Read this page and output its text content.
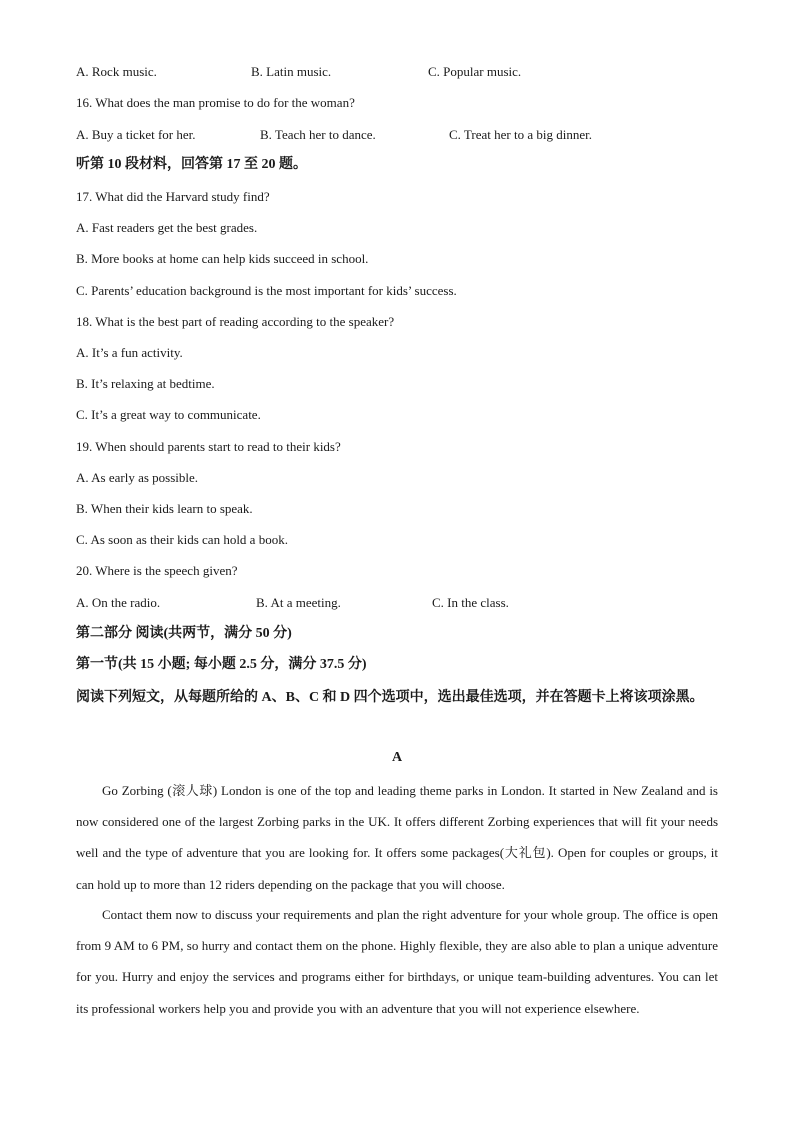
A. Rock music.	B. Latin music.	C. Popular music.
16. What does the man promise to do for the woman?
A. Buy a ticket for her.	B. Teach her to dance.	C. Treat her to a big dinner.
听第 10 段材料，回答第 17 至 20 题。
17. What did the Harvard study find?
A. Fast readers get the best grades.
B. More books at home can help kids succeed in school.
C. Parents’ education background is the most important for kids’ success.
18. What is the best part of reading according to the speaker?
A. It’s a fun activity.
B. It’s relaxing at bedtime.
C. It’s a great way to communicate.
19. When should parents start to read to their kids?
A. As early as possible.
B. When their kids learn to speak.
C. As soon as their kids can hold a book.
20. Where is the speech given?
A. On the radio.	B. At a meeting.	C. In the class.
第二部分 阅读(共两节，满分 50 分)
第一节(共 15 小题; 每小题 2.5 分，满分 37.5 分)

阅读下列短文，从每题所给的 A、B、C 和 D 四个选项中，选出最佳选项，并在答题卡上将该项涂黑。

A

Go Zorbing (滚人球) London is one of the top and leading theme parks in London. It started in New Zealand and is now considered one of the largest Zorbing parks in the UK. It offers different Zorbing experiences that will fit your needs well and the type of adventure that you are looking for. It offers some packages(大礼包). Open for couples or groups, it can hold up to more than 12 riders depending on the package that you will choose.

Contact them now to discuss your requirements and plan the right adventure for your whole group. The office is open from 9 AM to 6 PM, so hurry and contact them on the phone. Highly flexible, they are also able to plan a unique adventure for you. Hurry and enjoy the services and programs either for birthdays, or unique team-building adventures. You can let its professional workers help you and provide you with an adventure that you will not experience elsewhere.
